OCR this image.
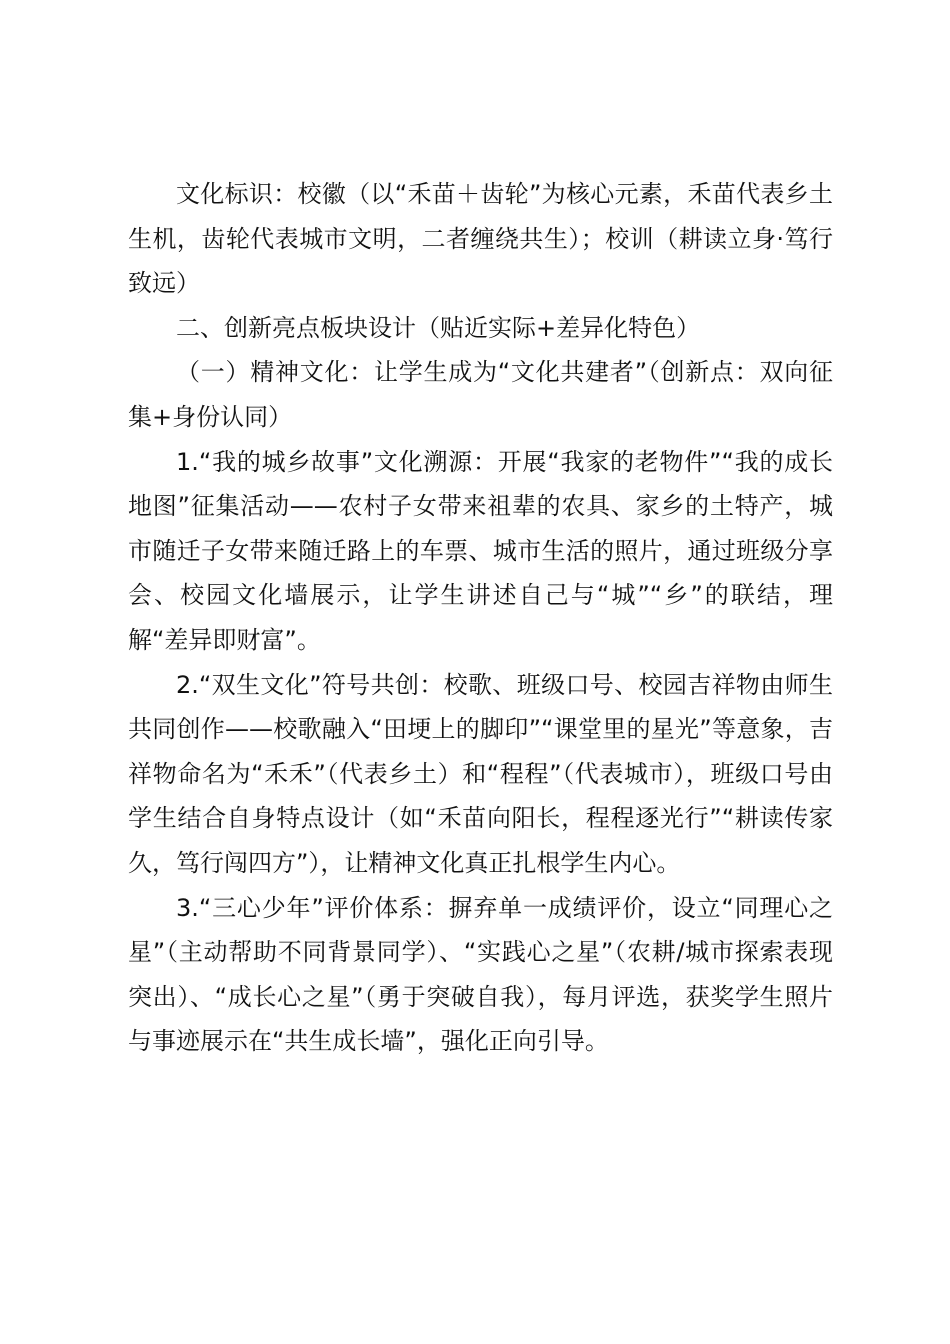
文化标识：校徽（以“禾苗＋齿轮”为核心元素，禾苗代表乡土生机，齿轮代表城市文明，二者缠绕共生）；校训（耕读立身·笃行致远）

二、创新亮点板块设计（贴近实际+差异化特色）

（一）精神文化：让学生成为“文化共建者”（创新点：双向征集+身份认同）

1.“我的城乡故事”文化溯源：开展“我家的老物件”“我的成长地图”征集活动——农村子女带来祖辈的农具、家乡的土特产，城市随迁子女带来随迁路上的车票、城市生活的照片，通过班级分享会、校园文化墙展示，让学生讲述自己与“城”“乡”的联结，理解“差异即财富”。

2.“双生文化”符号共创：校歌、班级口号、校园吉祥物由师生共同创作——校歌融入“田埂上的脚印”“课堂里的星光”等意象，吉祥物命名为“禾禾”（代表乡土）和“程程”（代表城市），班级口号由学生结合自身特点设计（如“禾苗向阳长，程程逐光行”“耕读传家久，笃行闯四方”），让精神文化真正扎根学生内心。

3.“三心少年”评价体系：摒弃单一成绩评价，设立“同理心之星”（主动帮助不同背景同学）、“实践心之星”（农耕/城市探索表现突出）、“成长心之星”（勇于突破自我），每月评选，获奖学生照片与事迹展示在“共生成长墙”，强化正向引导。
